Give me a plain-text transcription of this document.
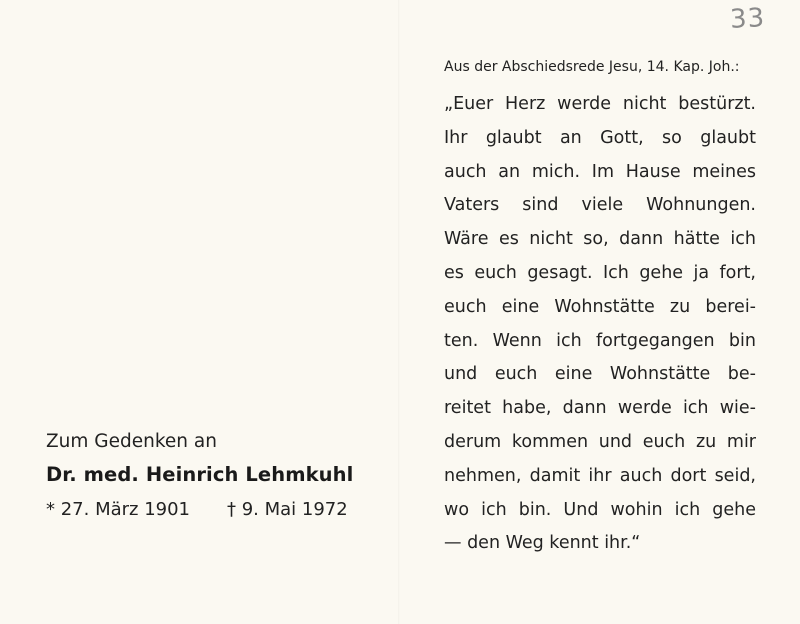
33

Zum Gedenken an

Dr. med. Heinrich Lehmkuhl

* 27. März 1901	† 9. Mai 1972

Aus der Abschiedsrede Jesu, 14. Kap. Joh.:

„Euer Herz werde nicht bestürzt.
Ihr glaubt an Gott, so glaubt
auch an mich. Im Hause meines
Vaters sind viele Wohnungen.
Wäre es nicht so, dann hätte ich
es euch gesagt. Ich gehe ja fort,
euch eine Wohnstätte zu berei-
ten. Wenn ich fortgegangen bin
und euch eine Wohnstätte be-
reitet habe, dann werde ich wie-
derum kommen und euch zu mir
nehmen, damit ihr auch dort seid,
wo ich bin. Und wohin ich gehe
— den Weg kennt ihr.“
